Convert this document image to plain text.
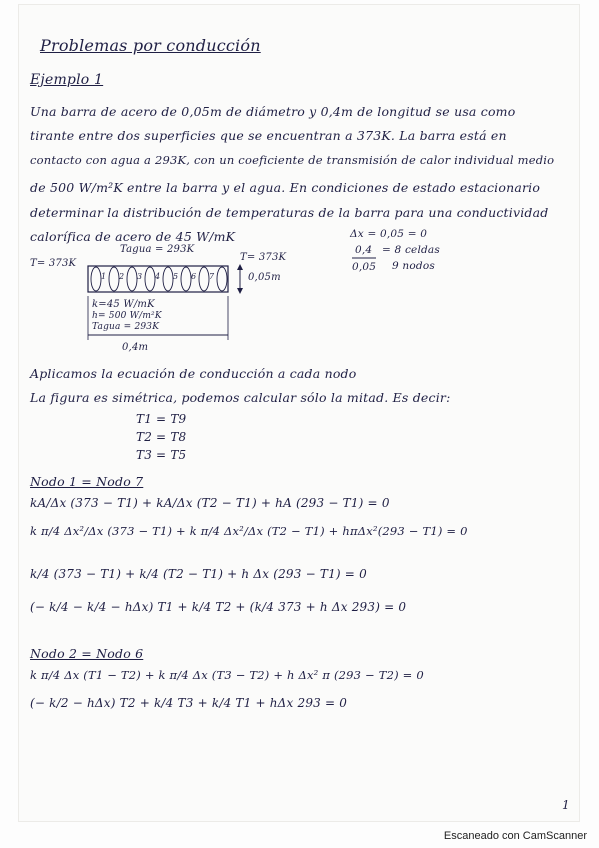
Problemas por conducción
Ejemplo 1
Una barra de acero de 0,05m de diámetro y 0,4m de longitud se usa como
tirante entre dos superficies que se encuentran a 373K. La barra está en
contacto con agua a 293K, con un coeficiente de transmisión de calor individual medio
de 500 W/m²K entre la barra y el agua. En condiciones de estado estacionario
determinar la distribución de temperaturas de la barra para una conductividad
calorífica de acero de 45 W/mK
T= 373K
Tagua = 293K
T= 373K
0,05m
k=45 W/mK
h= 500 W/m²K
Tagua = 293K
0,4m
1 2 3 4 5 6 7
Δx = 0,05 = 0
0,4
0,05
= 8 celdas
9 nodos
Aplicamos la ecuación de conducción a cada nodo
La figura es simétrica, podemos calcular sólo la mitad. Es decir:
T1 = T9
T2 = T8
T3 = T5
Nodo 1 = Nodo 7
kA/Δx (373 − T1) + kA/Δx (T2 − T1) + hA (293 − T1) = 0
k π/4 Δx²/Δx (373 − T1) + k π/4 Δx²/Δx (T2 − T1) + hπΔx²(293 − T1) = 0
k/4 (373 − T1) + k/4 (T2 − T1) + h Δx (293 − T1) = 0
(− k/4 − k/4 − hΔx) T1 + k/4 T2 + (k/4 373 + h Δx 293) = 0
Nodo 2 = Nodo 6
k π/4 Δx (T1 − T2) + k π/4 Δx (T3 − T2) + h Δx² π (293 − T2) = 0
(− k/2 − hΔx) T2 + k/4 T3 + k/4 T1 + hΔx 293 = 0
1
Escaneado con CamScanner
